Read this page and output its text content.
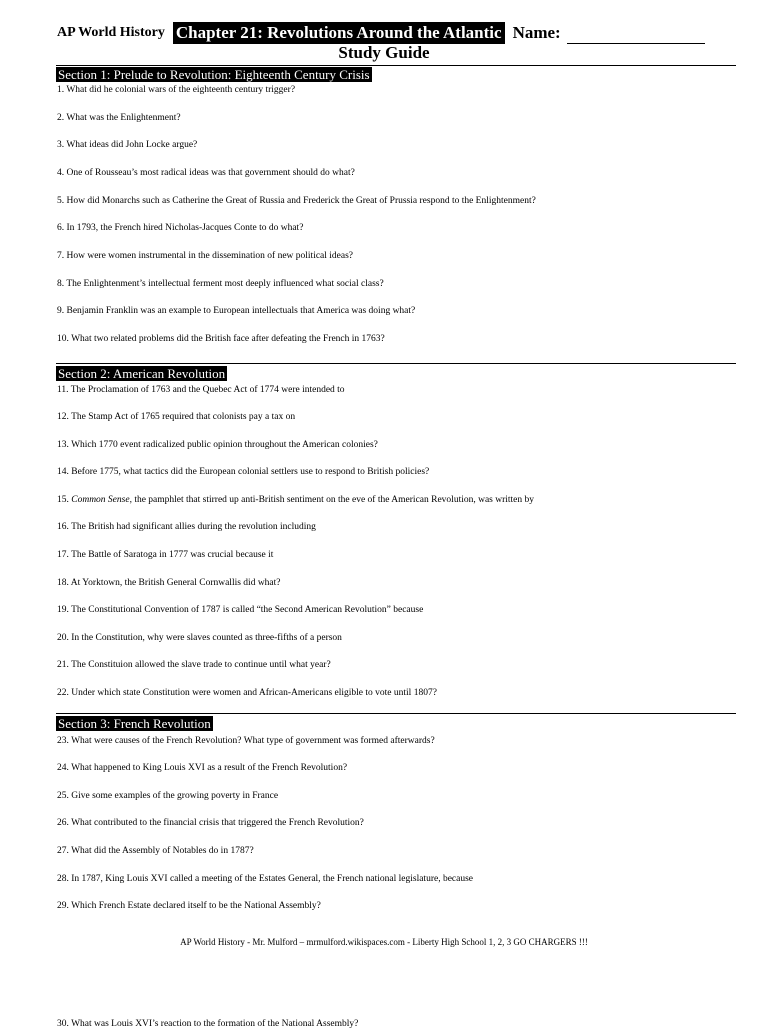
AP World History Chapter 21: Revolutions Around the Atlantic Name:
Study Guide
Section 1: Prelude to Revolution: Eighteenth Century Crisis
1. What did he colonial wars of the eighteenth century trigger?
2. What was the Enlightenment?
3. What ideas did John Locke argue?
4. One of Rousseau’s most radical ideas was that government should do what?
5. How did Monarchs such as Catherine the Great of Russia and Frederick the Great of Prussia respond to the Enlightenment?
6. In 1793, the French hired Nicholas-Jacques Conte to do what?
7. How were women instrumental in the dissemination of new political ideas?
8. The Enlightenment’s intellectual ferment most deeply influenced what social class?
9. Benjamin Franklin was an example to European intellectuals that America was doing what?
10. What two related problems did the British face after defeating the French in 1763?
Section 2: American Revolution
11. The Proclamation of 1763 and the Quebec Act of 1774 were intended to
12. The Stamp Act of 1765 required that colonists pay a tax on
13. Which 1770 event radicalized public opinion throughout the American colonies?
14. Before 1775, what tactics did the European colonial settlers use to respond to British policies?
15. Common Sense, the pamphlet that stirred up anti-British sentiment on the eve of the American Revolution, was written by
16. The British had significant allies during the revolution including
17. The Battle of Saratoga in 1777 was crucial because it
18. At Yorktown, the British General Cornwallis did what?
19. The Constitutional Convention of 1787 is called “the Second American Revolution” because
20. In the Constitution, why were slaves counted as three-fifths of a person
21. The Constituion allowed the slave trade to continue until what year?
22. Under which state Constitution were women and African-Americans eligible to vote until 1807?
Section 3: French Revolution
23. What were causes of the French Revolution? What type of government was formed afterwards?
24. What happened to King Louis XVI as a result of the French Revolution?
25. Give some examples of the growing poverty in France
26. What contributed to the financial crisis that triggered the French Revolution?
27. What did the Assembly of Notables do in 1787?
28. In 1787, King Louis XVI called a meeting of the Estates General, the French national legislature, because
29. Which French Estate declared itself to be the National Assembly?
AP World History - Mr. Mulford – mrmulford.wikispaces.com - Liberty High School 1, 2, 3 GO CHARGERS !!!
30. What was Louis XVI’s reaction to the formation of the National Assembly?
